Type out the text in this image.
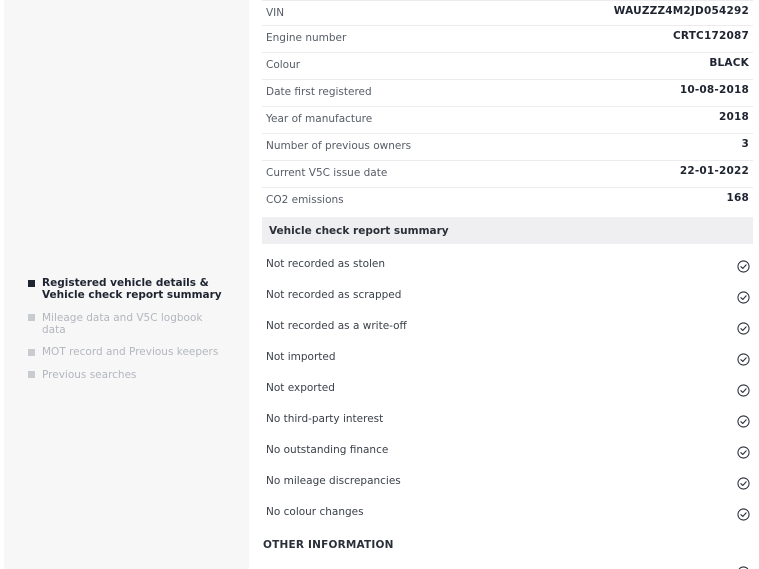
Registered vehicle details & Vehicle check report summary
Mileage data and V5C logbook data
MOT record and Previous keepers
Previous searches
VIN	WAUZZZ4M2JD054292
Engine number	CRTC172087
Colour	BLACK
Date first registered	10-08-2018
Year of manufacture	2018
Number of previous owners	3
Current V5C issue date	22-01-2022
CO2 emissions	168
Vehicle check report summary
Not recorded as stolen
Not recorded as scrapped
Not recorded as a write-off
Not imported
Not exported
No third-party interest
No outstanding finance
No mileage discrepancies
No colour changes
OTHER INFORMATION
